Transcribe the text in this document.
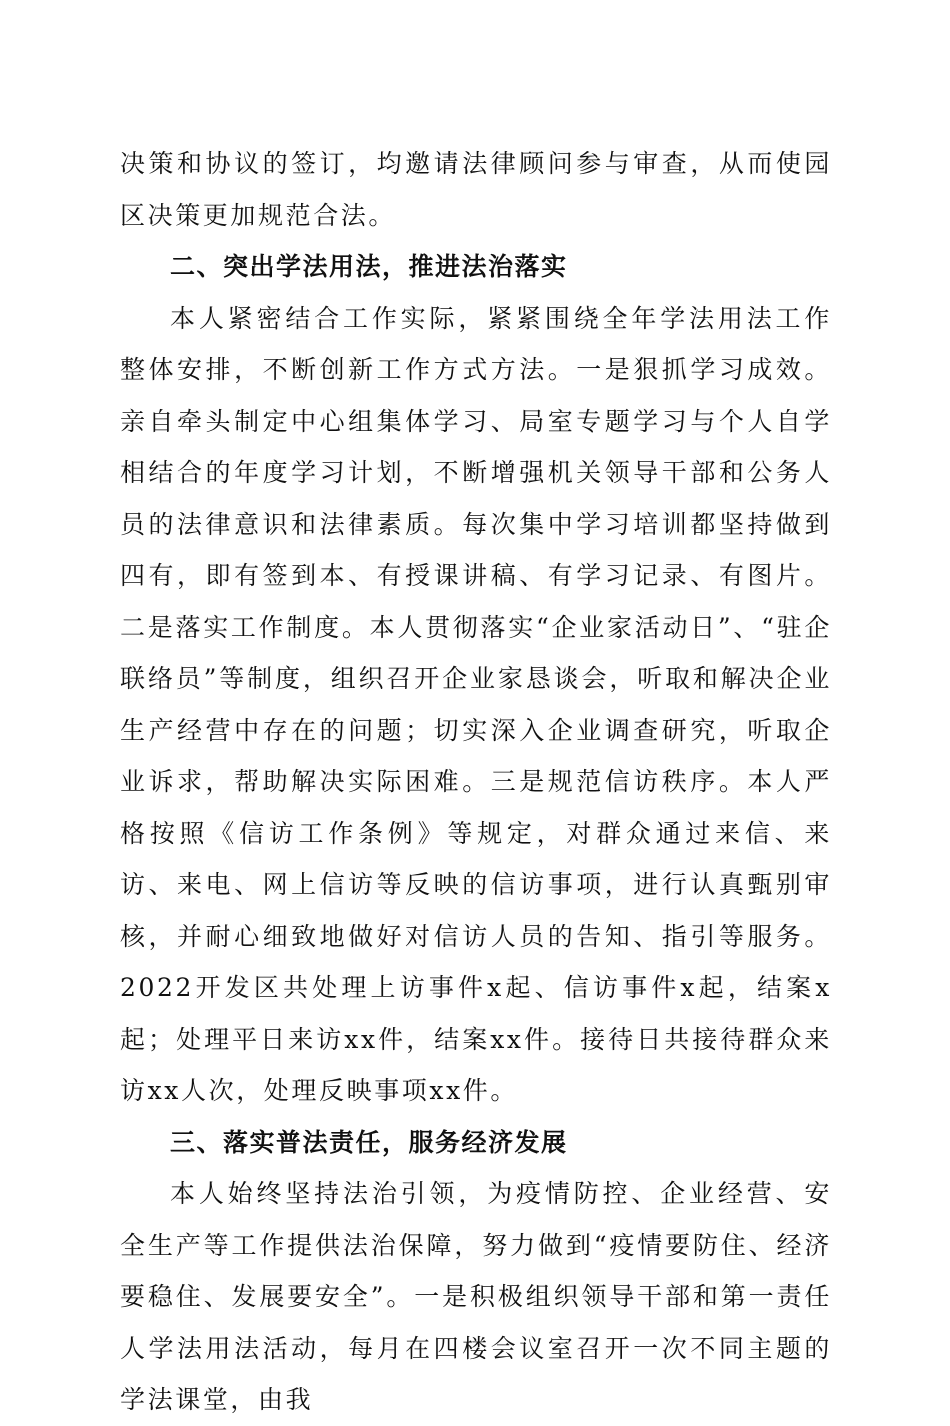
决策和协议的签订，均邀请法律顾问参与审查，从而使园区决策更加规范合法。

二、突出学法用法，推进法治落实

本人紧密结合工作实际，紧紧围绕全年学法用法工作整体安排，不断创新工作方式方法。一是狠抓学习成效。亲自牵头制定中心组集体学习、局室专题学习与个人自学相结合的年度学习计划，不断增强机关领导干部和公务人员的法律意识和法律素质。每次集中学习培训都坚持做到四有，即有签到本、有授课讲稿、有学习记录、有图片。二是落实工作制度。本人贯彻落实“企业家活动日”、“驻企联络员”等制度，组织召开企业家恳谈会，听取和解决企业生产经营中存在的问题；切实深入企业调查研究，听取企业诉求，帮助解决实际困难。三是规范信访秩序。本人严格按照《信访工作条例》等规定，对群众通过来信、来访、来电、网上信访等反映的信访事项，进行认真甄别审核，并耐心细致地做好对信访人员的告知、指引等服务。2022开发区共处理上访事件x起、信访事件x起，结案x起；处理平日来访xx件，结案xx件。接待日共接待群众来访xx人次，处理反映事项xx件。

三、落实普法责任，服务经济发展

本人始终坚持法治引领，为疫情防控、企业经营、安全生产等工作提供法治保障，努力做到“疫情要防住、经济要稳住、发展要安全”。一是积极组织领导干部和第一责任人学法用法活动，每月在四楼会议室召开一次不同主题的学法课堂，由我
